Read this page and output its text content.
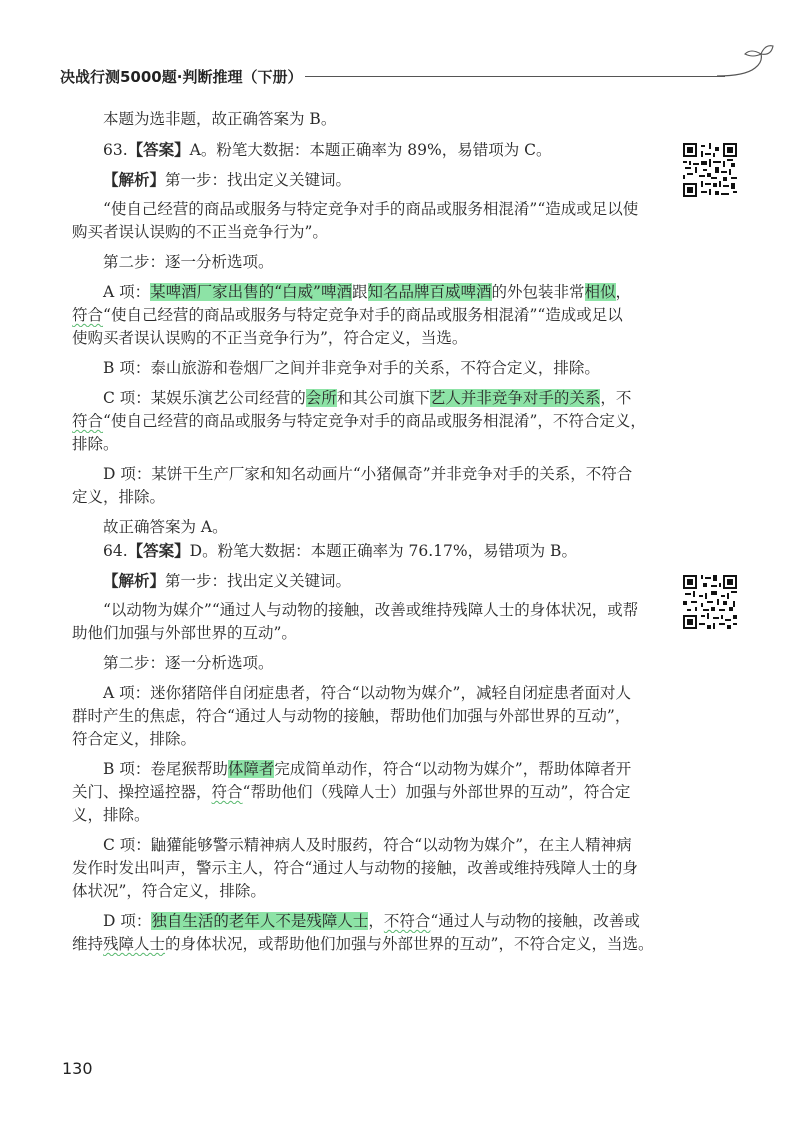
决战行测5000题·判断推理（下册）
本题为选非题，故正确答案为 B。
63.【答案】A。粉笔大数据：本题正确率为 89%，易错项为 C。
【解析】第一步：找出定义关键词。
“使自己经营的商品或服务与特定竞争对手的商品或服务相混淆”“造成或足以使
购买者误认误购的不正当竞争行为”。
第二步：逐一分析选项。
A 项：某啤酒厂家出售的“白威”啤酒跟知名品牌百威啤酒的外包装非常相似，
符合“使自己经营的商品或服务与特定竞争对手的商品或服务相混淆”“造成或足以
使购买者误认误购的不正当竞争行为”，符合定义，当选。
B 项：泰山旅游和卷烟厂之间并非竞争对手的关系，不符合定义，排除。
C 项：某娱乐演艺公司经营的会所和其公司旗下艺人并非竞争对手的关系，不
符合“使自己经营的商品或服务与特定竞争对手的商品或服务相混淆”，不符合定义，
排除。
D 项：某饼干生产厂家和知名动画片“小猪佩奇”并非竞争对手的关系，不符合
定义，排除。
故正确答案为 A。
64.【答案】D。粉笔大数据：本题正确率为 76.17%，易错项为 B。
【解析】第一步：找出定义关键词。
“以动物为媒介”“通过人与动物的接触，改善或维持残障人士的身体状况，或帮
助他们加强与外部世界的互动”。
第二步：逐一分析选项。
A 项：迷你猪陪伴自闭症患者，符合“以动物为媒介”，减轻自闭症患者面对人
群时产生的焦虑，符合“通过人与动物的接触，帮助他们加强与外部世界的互动”，
符合定义，排除。
B 项：卷尾猴帮助体障者完成简单动作，符合“以动物为媒介”，帮助体障者开
关门、操控遥控器，符合“帮助他们（残障人士）加强与外部世界的互动”，符合定
义，排除。
C 项：鼬獾能够警示精神病人及时服药，符合“以动物为媒介”，在主人精神病
发作时发出叫声，警示主人，符合“通过人与动物的接触，改善或维持残障人士的身
体状况”，符合定义，排除。
D 项：独自生活的老年人不是残障人士，不符合“通过人与动物的接触，改善或
维持残障人士的身体状况，或帮助他们加强与外部世界的互动”，不符合定义，当选。
130
